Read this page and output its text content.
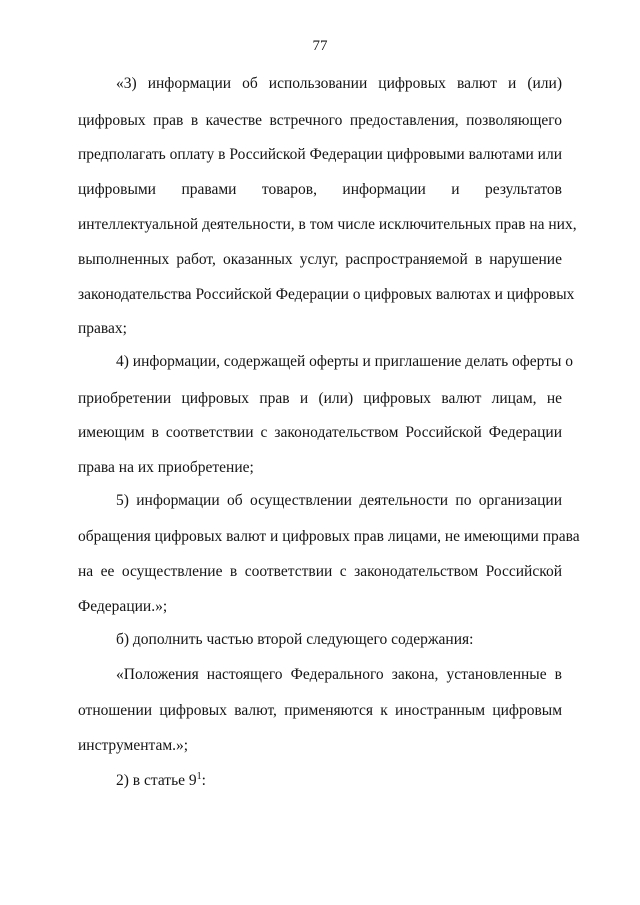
77
«3) информации об использовании цифровых валют и (или)
цифровых прав в качестве встречного предоставления, позволяющего
предполагать оплату в Российской Федерации цифровыми валютами или
цифровыми правами товаров, информации и результатов
интеллектуальной деятельности, в том числе исключительных прав на них,
выполненных работ, оказанных услуг, распространяемой в нарушение
законодательства Российской Федерации о цифровых валютах и цифровых
правах;
4) информации, содержащей оферты и приглашение делать оферты о
приобретении цифровых прав и (или) цифровых валют лицам, не
имеющим в соответствии с законодательством Российской Федерации
права на их приобретение;
5) информации об осуществлении деятельности по организации
обращения цифровых валют и цифровых прав лицами, не имеющими права
на ее осуществление в соответствии с законодательством Российской
Федерации.»;
б) дополнить частью второй следующего содержания:
«Положения настоящего Федерального закона, установленные в
отношении цифровых валют, применяются к иностранным цифровым
инструментам.»;
2) в статье $9^1$:
